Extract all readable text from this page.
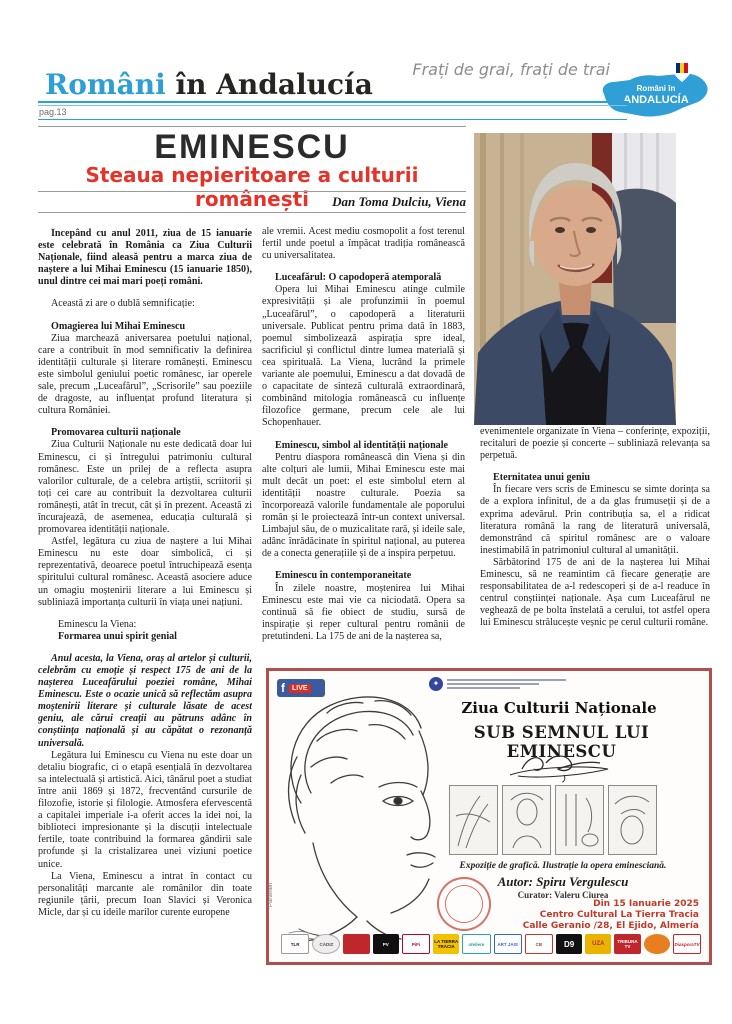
Frați de grai, frați de trai
Români în Andalucía	Români în
ANDALUCÍA
pag.13
EMINESCU
Steaua nepieritoare a culturii românești	Dan Toma Dulciu, Viena

Începând cu anul 2011, ziua de 15 ianuarie este celebrată în România ca Ziua Culturii Naționale, fiind aleasă pentru a marca ziua de naștere a lui Mihai Eminescu (15 ianuarie 1850), unul dintre cei mai mari poeți români.

Această zi are o dublă semnificație:

Omagierea lui Mihai Eminescu

Ziua marchează aniversarea poetului național, care a contribuit în mod semnificativ la definirea identității culturale și literare românești. Eminescu este simbolul geniului poetic românesc, iar operele sale, precum „Luceafărul”, „Scrisorile” sau poeziile de dragoste, au influențat profund literatura și cultura României.

Promovarea culturii naționale

Ziua Culturii Naționale nu este dedicată doar lui Eminescu, ci și întregului patrimoniu cultural românesc. Este un prilej de a reflecta asupra valorilor culturale, de a celebra artiștii, scriitorii și toți cei care au contribuit la dezvoltarea culturii românești, atât în trecut, cât și în prezent. Această zi încurajează, de asemenea, educația culturală și promovarea identității naționale.

Astfel, legătura cu ziua de naștere a lui Mihai Eminescu nu este doar simbolică, ci și reprezentativă, deoarece poetul întruchipează esența spiritului cultural românesc. Această asociere aduce un omagiu moștenirii literare a lui Eminescu și subliniază importanța culturii în viața unei națiuni.

Eminescu la Viena:
Formarea unui spirit genial

Anul acesta, la Viena, oraș al artelor și culturii, celebrăm cu emoție și respect 175 de ani de la nașterea Luceafărului poeziei române, Mihai Eminescu. Este o ocazie unică să reflectăm asupra moștenirii literare și culturale lăsate de acest geniu, ale cărui creații au pătruns adânc în conștiința națională și au căpătat o rezonanță universală.

Legătura lui Eminescu cu Viena nu este doar un detaliu biografic, ci o etapă esențială în dezvoltarea sa intelectuală și artistică. Aici, tânărul poet a studiat între anii 1869 și 1872, frecventând cursurile de filozofie, istorie și filologie. Atmosfera efervescentă a capitalei imperiale i-a oferit acces la idei noi, la biblioteci impresionante și la discuții intelectuale fertile, toate contribuind la formarea gândirii sale profunde și la cristalizarea unei viziuni poetice unice.

La Viena, Eminescu a intrat în contact cu personalități marcante ale românilor din toate regiunile țării, precum Ioan Slavici și Veronica Micle, dar și cu ideile marilor curente europene

ale vremii. Acest mediu cosmopolit a fost terenul fertil unde poetul a împăcat tradiția românească cu universalitatea.

Luceafărul: O capodoperă atemporală

Opera lui Mihai Eminescu atinge culmile expresivității și ale profunzimii în poemul „Luceafărul”, o capodoperă a literaturii universale. Publicat pentru prima dată în 1883, poemul simbolizează aspirația spre ideal, sacrificiul și conflictul dintre lumea materială și cea spirituală. La Viena, lucrând la primele variante ale poemului, Eminescu a dat dovadă de o capacitate de sinteză culturală extraordinară, combinând mitologia românească cu influențe filozofice germane, precum cele ale lui Schopenhauer.

Eminescu, simbol al identității naționale

Pentru diaspora românească din Viena și din alte colțuri ale lumii, Mihai Eminescu este mai mult decât un poet: el este simbolul etern al identității noastre culturale. Poezia sa încorporează valorile fundamentale ale poporului român și le proiectează într-un context universal. Limbajul său, de o muzicalitate rară, și ideile sale, adânc înrădăcinate în spiritul național, au puterea de a conecta generațiile și de a inspira perpetuu.

Eminescu în contemporaneitate

În zilele noastre, moștenirea lui Mihai Eminescu este mai vie ca niciodată. Opera sa continuă să fie obiect de studiu, sursă de inspirație și reper cultural pentru românii de pretutindeni. La 175 de ani de la nașterea sa,

evenimentele organizate în Viena – conferințe, expoziții, recitaluri de poezie și concerte – subliniază relevanța sa perpetuă.

Eternitatea unui geniu

În fiecare vers scris de Eminescu se simte dorința sa de a explora infinitul, de a da glas frumuseții și de a exprima adevărul. Prin contribuția sa, el a ridicat literatura română la rang de literatură universală, demonstrând că spiritul românesc are o valoare inestimabilă în patrimoniul cultural al umanității.

Sărbătorind 175 de ani de la nașterea lui Mihai Eminescu, să ne reamintim că fiecare generație are responsabilitatea de a-l redescoperi și de a-l readuce în centrul conștiinței naționale. Așa cum Luceafărul ne veghează de pe bolta înstelată a cerului, tot astfel opera lui Eminescu strălucește veșnic pe cerul culturii române.

f	LIVE	✦
Ziua Culturii Naționale
SUB SEMNUL LUI EMINESCU
Expoziție de grafică. Ilustrație la opera eminesciană.
Autor: Spiru Vergulescu
Curator: Valeru Ciurea
Din 15 Ianuarie 2025
Centro Cultural La Tierra Tracia
Calle Geranio /28, El Ejido, Almería
Parteneri
TLR	CÁDIZ	PV	PiFi	LA TIERRA TRACIA	ateliere	ART JAIS	CB	D9	UZA	TRIBUNA TV	DiasporaTV
